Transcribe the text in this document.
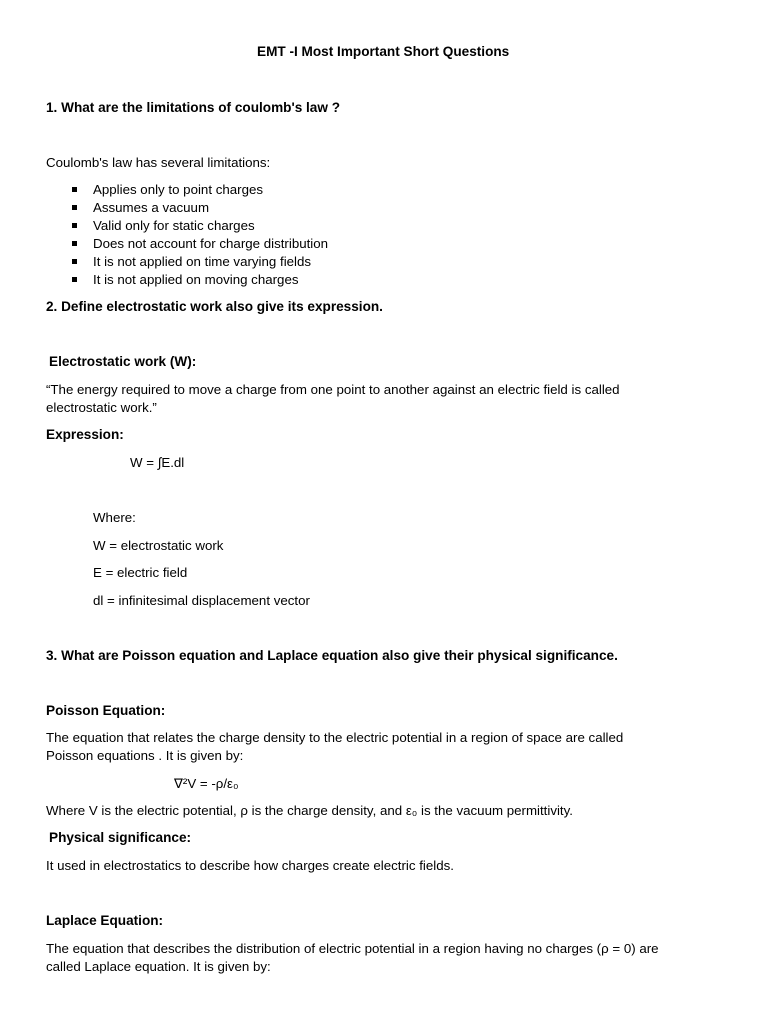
EMT -I Most Important Short Questions
1. What are the limitations of coulomb's law ?
Coulomb's law has several limitations:
Applies only to point charges
Assumes a vacuum
Valid only for static charges
Does not account for charge distribution
It is not applied on time varying fields
It is not applied on moving charges
2. Define electrostatic work also give its expression.
Electrostatic work (W):
“The energy required to move a charge from one point to another against an electric field is called
electrostatic work.”
Expression:
W = ∫E.dl
Where:
W = electrostatic work
E = electric field
dl = infinitesimal displacement vector
3. What are Poisson equation and Laplace equation also give their physical significance.
Poisson Equation:
The equation that relates the charge density to the electric potential in a region of space are called
Poisson equations . It is given by:
∇²V = -ρ/ε₀
Where V is the electric potential, ρ is the charge density, and ε₀ is the vacuum permittivity.
Physical significance:
It used in electrostatics to describe how charges create electric fields.
Laplace Equation:
The equation that describes the distribution of electric potential in a region having no charges (ρ = 0) are
called Laplace equation. It is given by:
